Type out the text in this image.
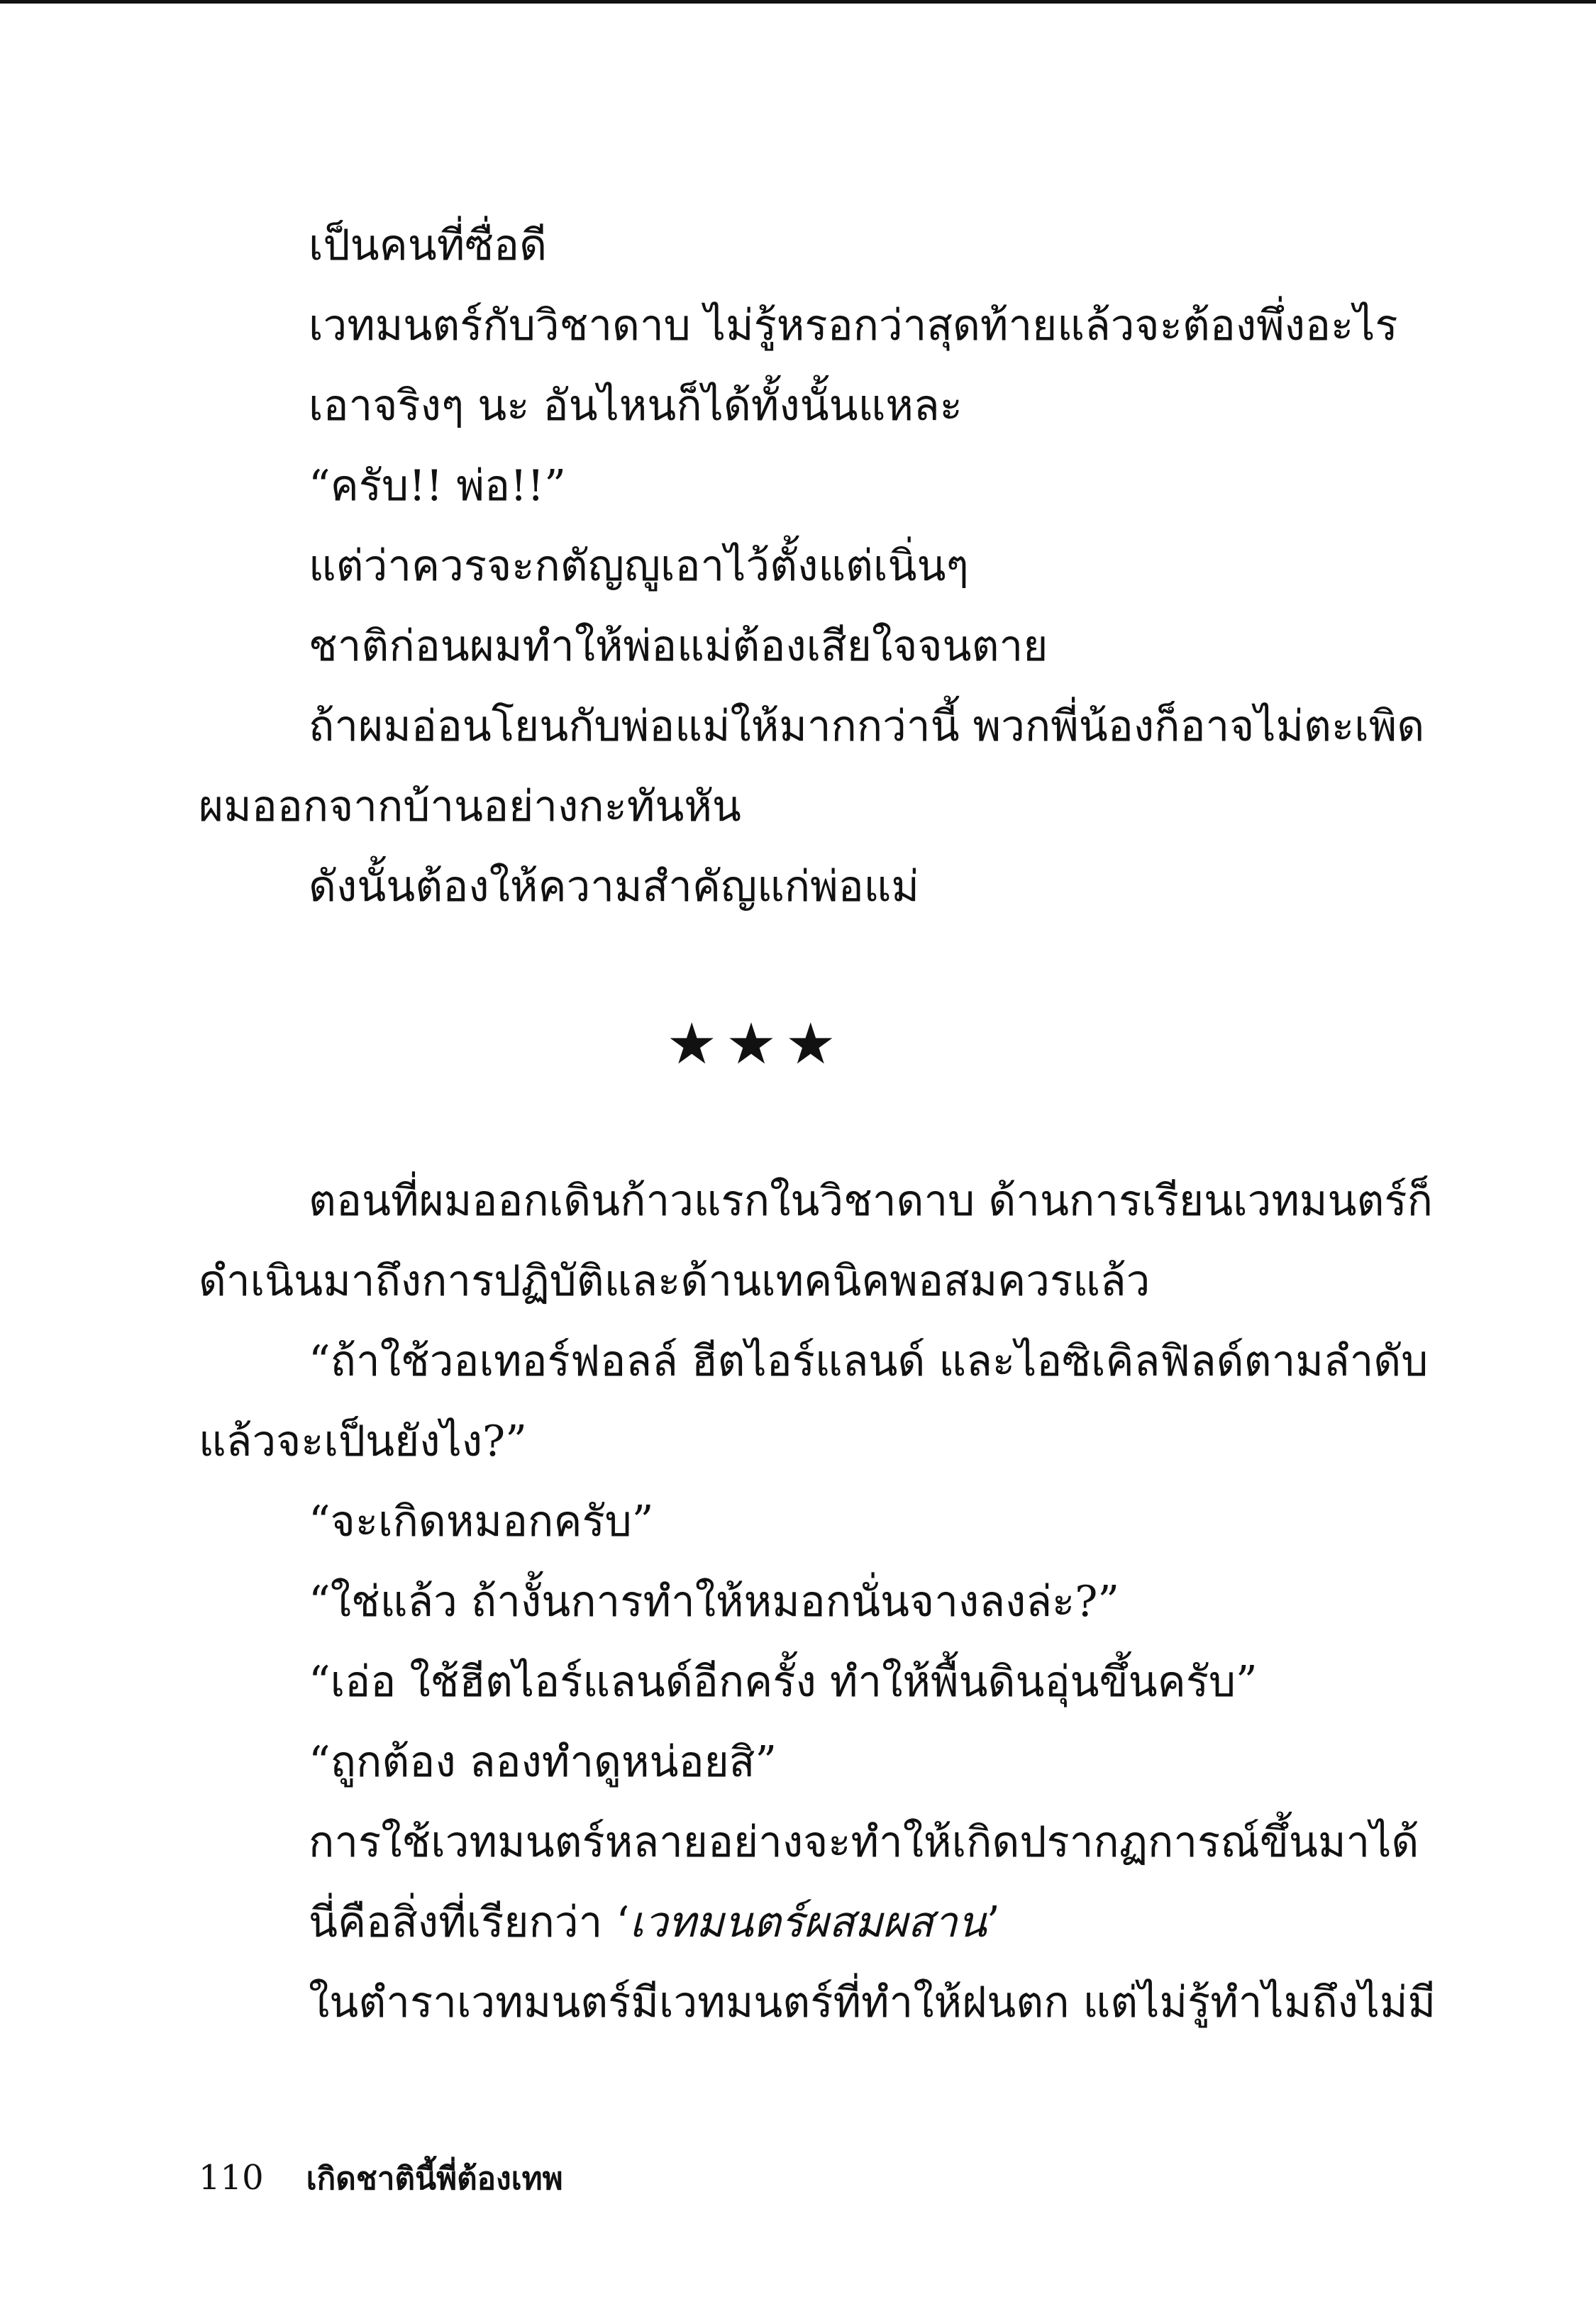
เป็นคนที่ซื่อดี
เวทมนตร์กับวิชาดาบ ไม่รู้หรอกว่าสุดท้ายแล้วจะต้องพึ่งอะไร
เอาจริงๆ นะ อันไหนก็ได้ทั้งนั้นแหละ
“ครับ!! พ่อ!!”
แต่ว่าควรจะกตัญญูเอาไว้ตั้งแต่เนิ่นๆ
ชาติก่อนผมทำให้พ่อแม่ต้องเสียใจจนตาย
ถ้าผมอ่อนโยนกับพ่อแม่ให้มากกว่านี้ พวกพี่น้องก็อาจไม่ตะเพิด
ผมออกจากบ้านอย่างกะทันหัน
ดังนั้นต้องให้ความสำคัญแก่พ่อแม่
★★★
ตอนที่ผมออกเดินก้าวแรกในวิชาดาบ ด้านการเรียนเวทมนตร์ก็
ดำเนินมาถึงการปฏิบัติและด้านเทคนิคพอสมควรแล้ว
“ถ้าใช้วอเทอร์ฟอลล์ ฮีตไอร์แลนด์ และไอซิเคิลฟิลด์ตามลำดับ
แล้วจะเป็นยังไง?”
“จะเกิดหมอกครับ”
“ใช่แล้ว ถ้างั้นการทำให้หมอกนั่นจางลงล่ะ?”
“เอ่อ ใช้ฮีตไอร์แลนด์อีกครั้ง ทำให้พื้นดินอุ่นขึ้นครับ”
“ถูกต้อง ลองทำดูหน่อยสิ”
การใช้เวทมนตร์หลายอย่างจะทำให้เกิดปรากฏการณ์ขึ้นมาได้
นี่คือสิ่งที่เรียกว่า ‘เวทมนตร์ผสมผสาน’
ในตำราเวทมนตร์มีเวทมนตร์ที่ทำให้ฝนตก แต่ไม่รู้ทำไมถึงไม่มี
110 เกิดชาตินี้พี่ต้องเทพ
